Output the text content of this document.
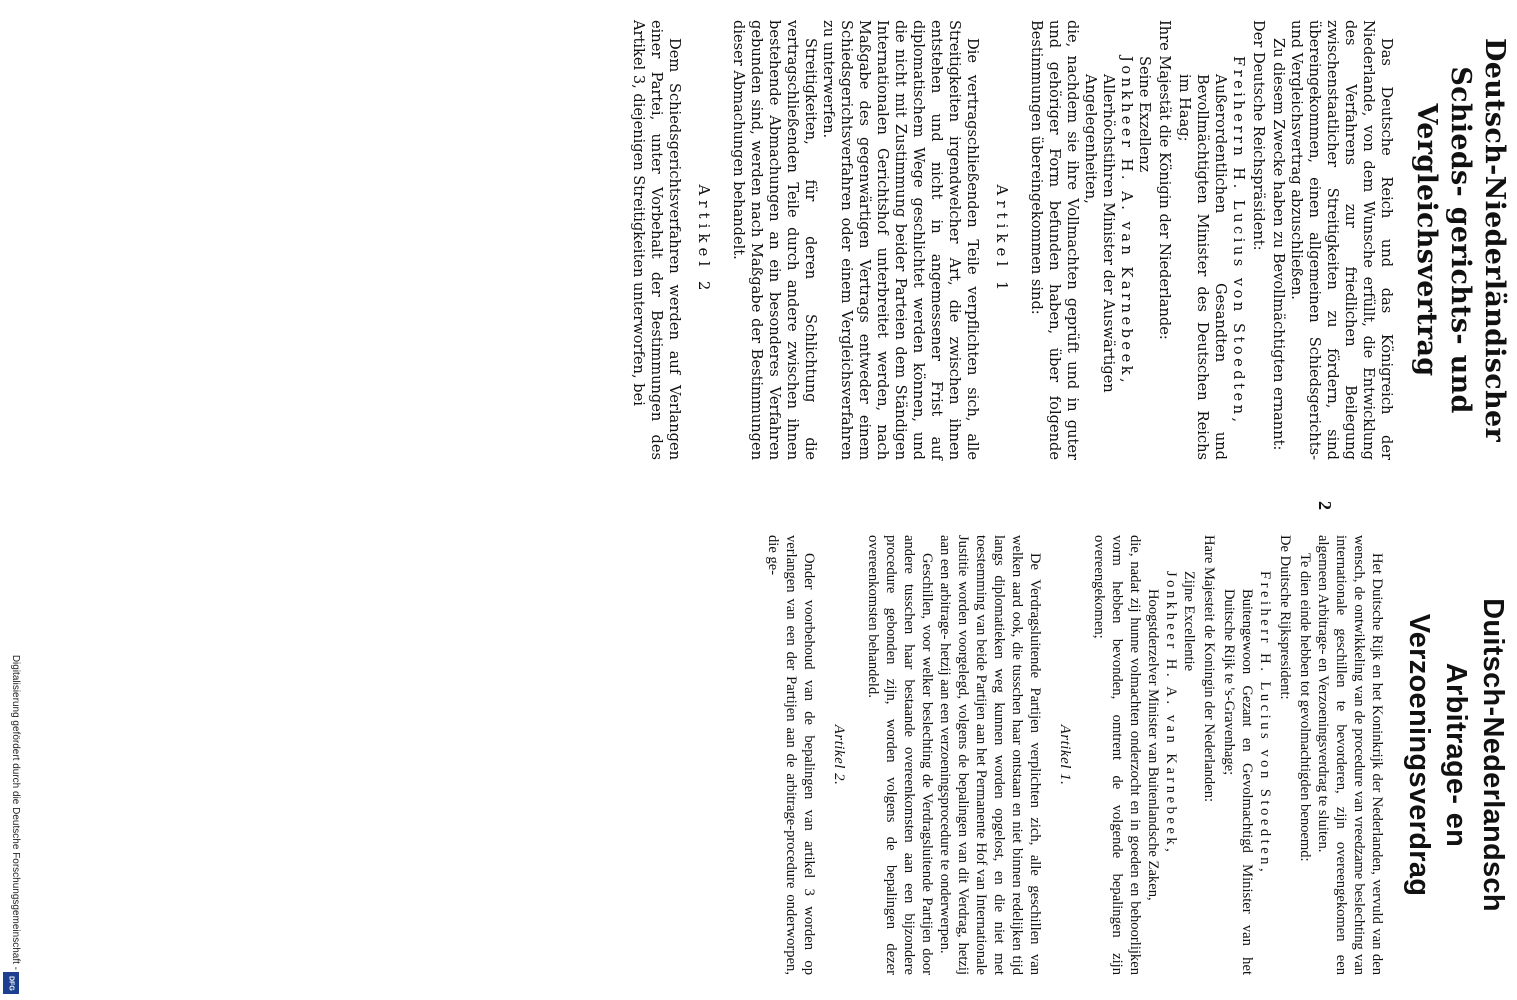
Deutsch-Niederländischer Schieds- gerichts- und Vergleichsvertrag

Das Deutsche Reich und das Königreich der Niederlande, von dem Wunsche erfüllt, die Entwicklung des Verfahrens zur friedlichen Beilegung zwischenstaatlicher Streitigkeiten zu fördern, sind übereingekommen, einen allgemeinen Schiedsgerichts- und Vergleichsvertrag abzuschließen.

Zu diesem Zwecke haben zu Bevollmächtigten ernannt:

Der Deutsche Reichspräsident:

Freiherrn H. Lucius von Stoedten,

Außerordentlichen Gesandten und Bevollmächtigten Minister des Deutschen Reichs im Haag;

Ihre Majestät die Königin der Niederlande:

Seine Exzellenz

Jonkheer H. A. van Karnebeek,

Allerhöchstihren Minister der Auswärtigen

Angelegenheiten,

die, nachdem sie ihre Vollmachten geprüft und in guter und gehöriger Form befunden haben, über folgende Bestimmungen übereingekommen sind:

Artikel 1

Die vertragschließenden Teile verpflichten sich, alle Streitigkeiten irgendwelcher Art, die zwischen ihnen entstehen und nicht in angemessener Frist auf diplomatischem Wege geschlichtet werden können, und die nicht mit Zustimmung beider Parteien dem Ständigen Internationalen Gerichtshof unterbreitet werden, nach Maßgabe des gegenwärtigen Vertrags entweder einem Schiedsgerichtsverfahren oder einem Vergleichsverfahren zu unterwerfen.

Streitigkeiten, für deren Schlichtung die vertragschließenden Teile durch andere zwischen ihnen bestehende Abmachungen an ein besonderes Verfahren gebunden sind, werden nach Maßgabe der Bestimmungen dieser Abmachungen behandelt.

Artikel 2

Dem Schiedsgerichtsverfahren werden auf Verlangen einer Partei, unter Vorbehalt der Bestimmungen des Artikel 3, diejenigen Streitigkeiten unterworfen, bei

Duitsch-Nederlandsch Arbitrage- en Verzoeningsverdrag

Het Duitsche Rijk en het Koninkrijk der Nederlanden, vervuld van den wensch, de ontwikkeling van de procedure van vreedzame beslechting van internationale geschillen te bevorderen, zijn overeengekomen een algemeen Arbitrage- en Verzoeningsverdrag te sluiten.

Te dien einde hebben tot gevolmachtigden benoemd:

De Duitsche Rijkspresident:

Freiherr H. Lucius von Stoedten,

Buitengewoon Gezant en Gevolmachtigd Minister van het Duitsche Rijk te 's-Gravenhage;

Hare Majesteit de Koningin der Nederlanden:

Zijne Excellentie

Jonkheer H. A. van Karnebeek,

Hoogstderzelver Minister van Buitenlandsche Zaken,

die, nadat zij hunne volmachten onderzocht en in goeden en behoorlijken vorm hebben bevonden, omtrent de volgende bepalingen zijn overeengekomen;

Artikel 1.

De Verdragsluitende Partijen verplichten zich, alle geschillen van welken aard ook, die tusschen haar ontstaan en niet binnen redelijken tijd langs diplomatieken weg kunnen worden opgelost, en die niet met toestemming van beide Partijen aan het Permanente Hof van Internationale Justitie worden voorgelegd, volgens de bepalingen van dit Verdrag, hetzij aan een arbitrage- hetzij aan een verzoeningsprocedure te onderwerpen.

Geschillen, voor welker beslechting de Verdragsluitende Partijen door andere tusschen haar bestaande overeenkomsten aan een bijzondere procedure gebonden zijn, worden volgens de bepalingen dezer overeenkomsten behandeld.

Artikel 2.

Onder voorbehoud van de bepalingen van artikel 3 worden op verlangen van een der Partijen aan de arbitrage-procedure onderworpen, die ge-

2
Digitalisierung gefördert durch die Deutsche Forschungsgemeinschaft -
DFG
